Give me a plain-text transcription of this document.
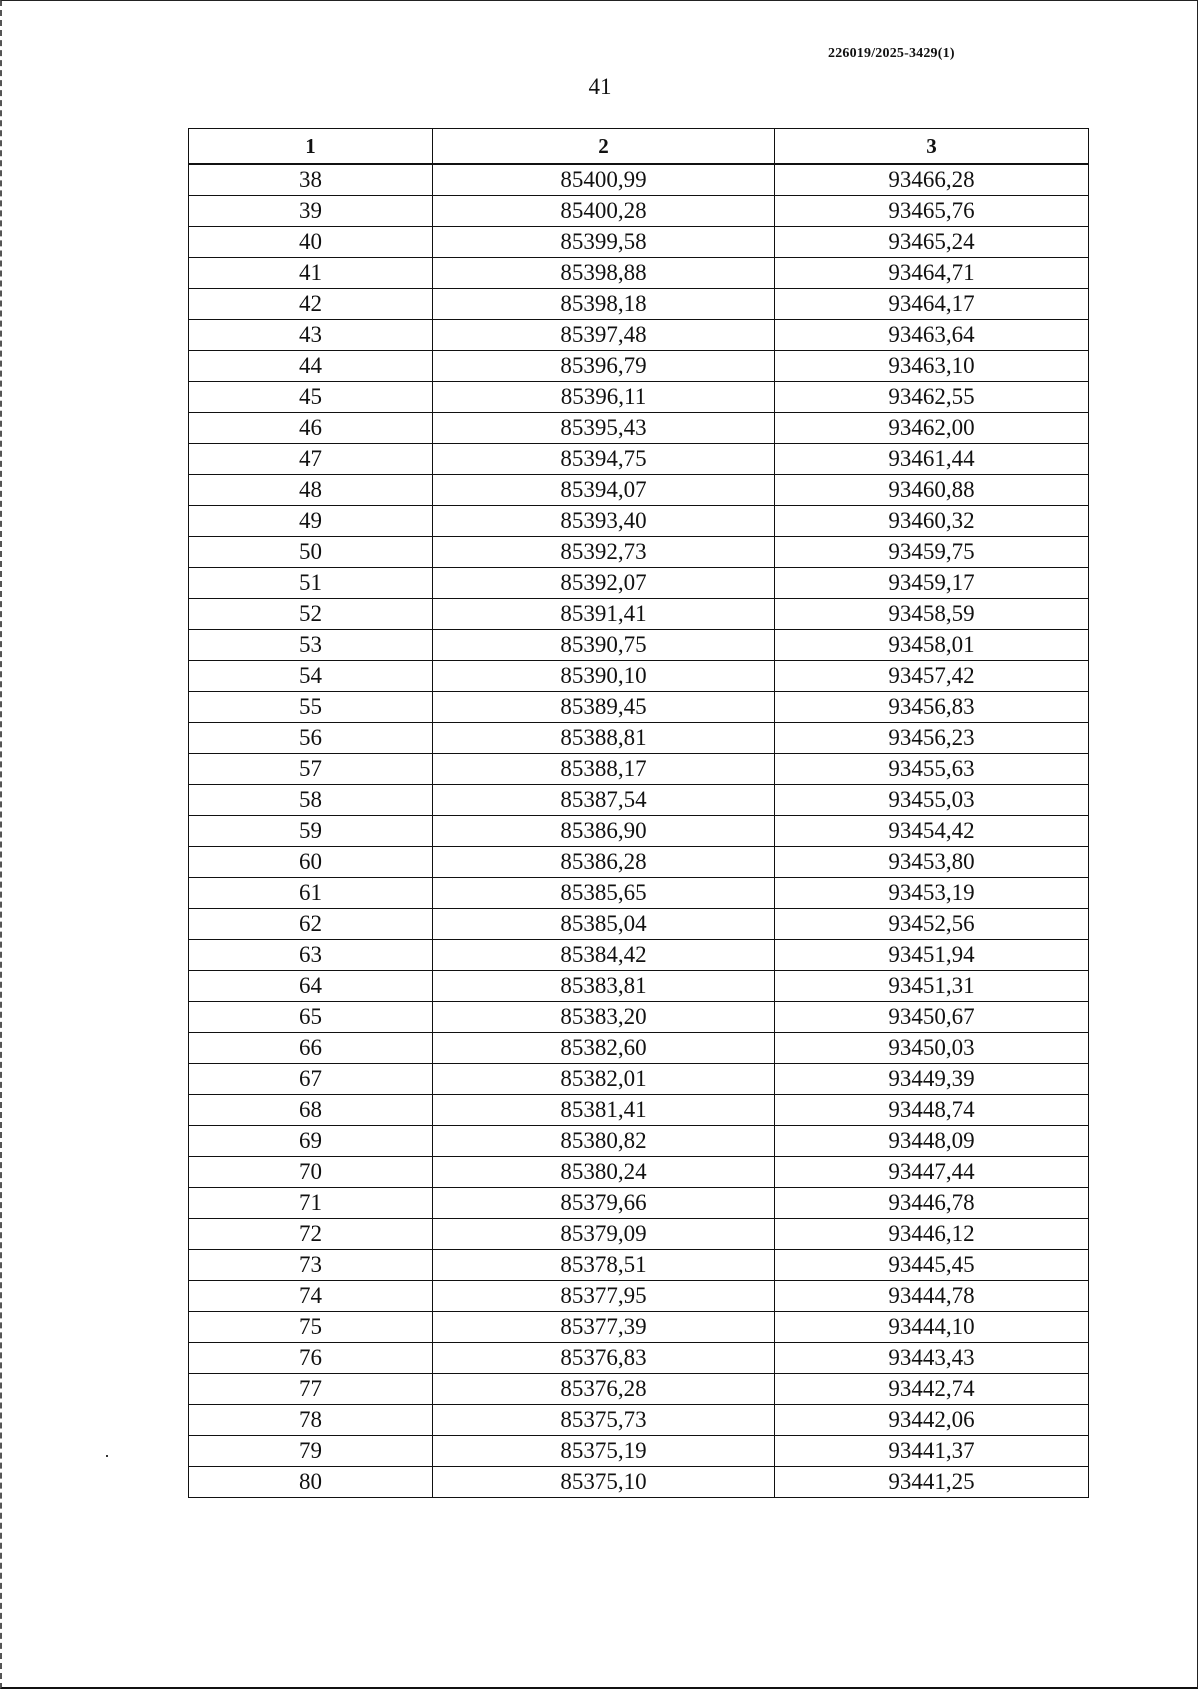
226019/2025-3429(1)
41
1	2	3
38	85400,99	93466,28
39	85400,28	93465,76
40	85399,58	93465,24
41	85398,88	93464,71
42	85398,18	93464,17
43	85397,48	93463,64
44	85396,79	93463,10
45	85396,11	93462,55
46	85395,43	93462,00
47	85394,75	93461,44
48	85394,07	93460,88
49	85393,40	93460,32
50	85392,73	93459,75
51	85392,07	93459,17
52	85391,41	93458,59
53	85390,75	93458,01
54	85390,10	93457,42
55	85389,45	93456,83
56	85388,81	93456,23
57	85388,17	93455,63
58	85387,54	93455,03
59	85386,90	93454,42
60	85386,28	93453,80
61	85385,65	93453,19
62	85385,04	93452,56
63	85384,42	93451,94
64	85383,81	93451,31
65	85383,20	93450,67
66	85382,60	93450,03
67	85382,01	93449,39
68	85381,41	93448,74
69	85380,82	93448,09
70	85380,24	93447,44
71	85379,66	93446,78
72	85379,09	93446,12
73	85378,51	93445,45
74	85377,95	93444,78
75	85377,39	93444,10
76	85376,83	93443,43
77	85376,28	93442,74
78	85375,73	93442,06
79	85375,19	93441,37
80	85375,10	93441,25
